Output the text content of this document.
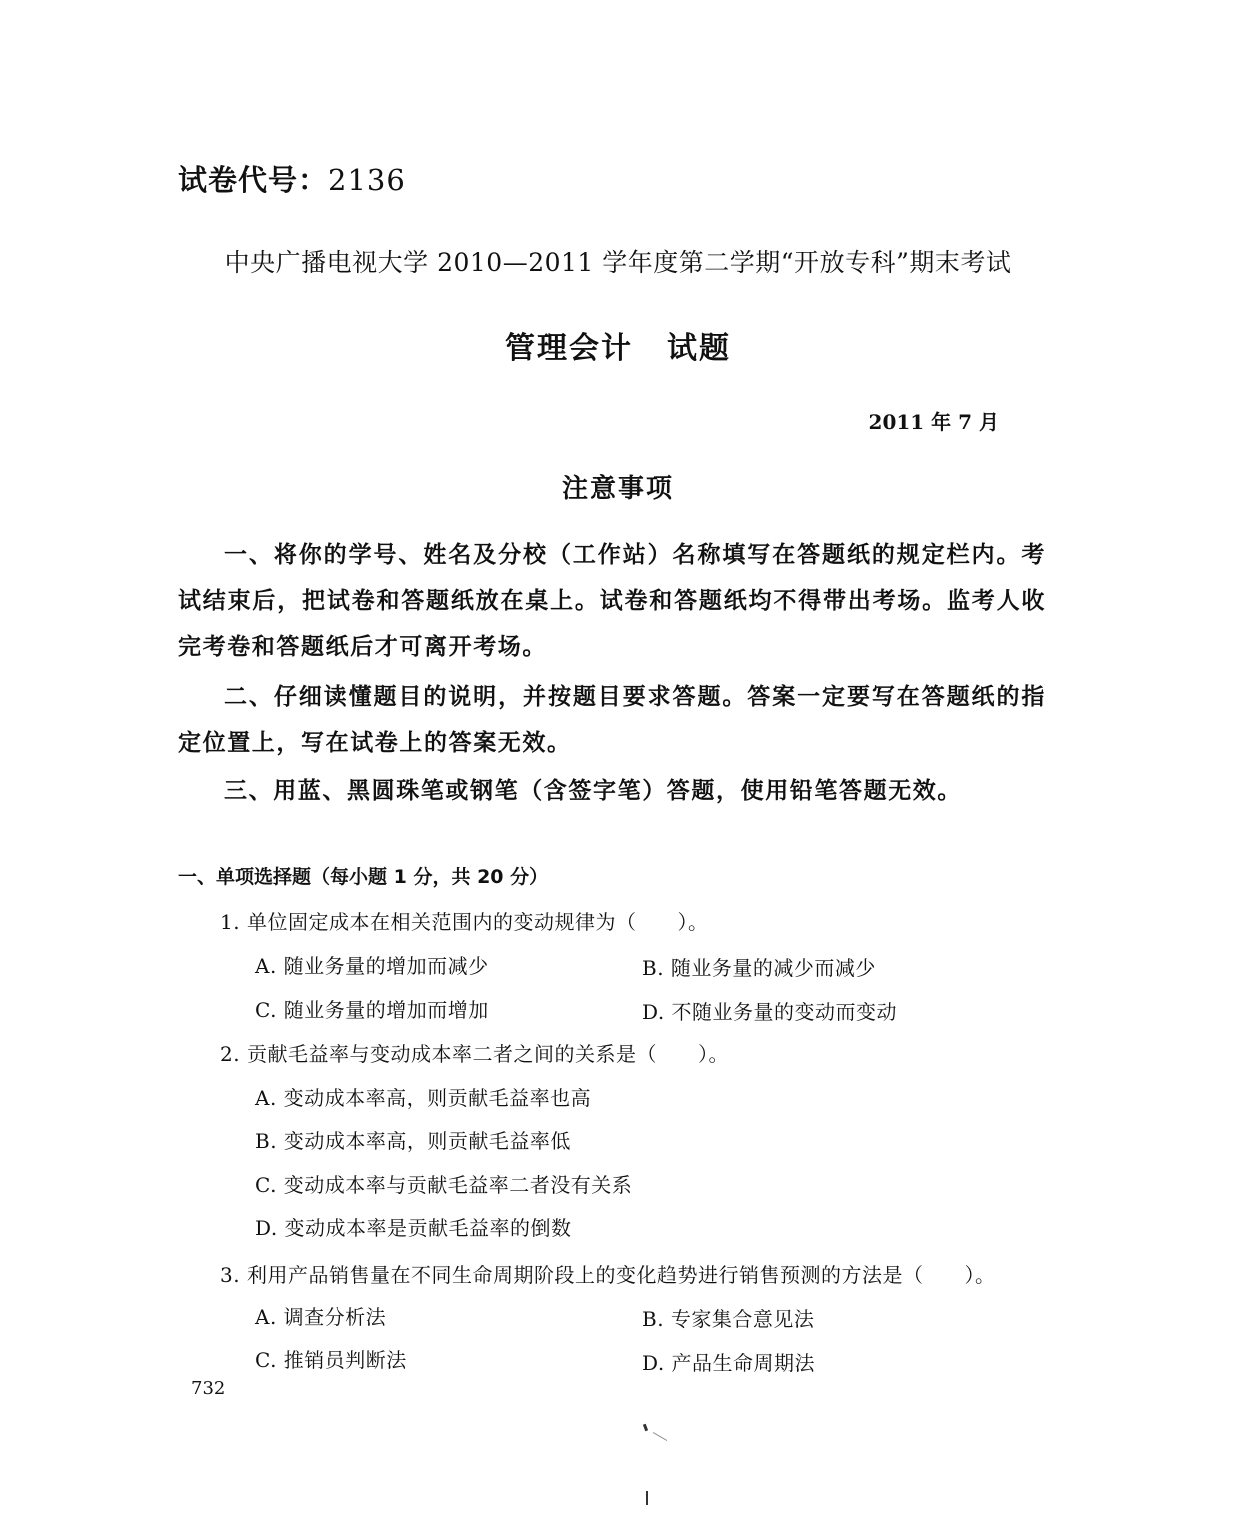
试卷代号：2136
中央广播电视大学 2010—2011 学年度第二学期“开放专科”期末考试
管理会计 试题
2011 年 7 月
注意事项
一、将你的学号、姓名及分校（工作站）名称填写在答题纸的规定栏内。考试结束后，把试卷和答题纸放在桌上。试卷和答题纸均不得带出考场。监考人收完考卷和答题纸后才可离开考场。
二、仔细读懂题目的说明，并按题目要求答题。答案一定要写在答题纸的指定位置上，写在试卷上的答案无效。
三、用蓝、黑圆珠笔或钢笔（含签字笔）答题，使用铅笔答题无效。
一、单项选择题（每小题 1 分，共 20 分）
1. 单位固定成本在相关范围内的变动规律为（　　）。
A. 随业务量的增加而减少	B. 随业务量的减少而减少
C. 随业务量的增加而增加	D. 不随业务量的变动而变动
2. 贡献毛益率与变动成本率二者之间的关系是（　　）。
A. 变动成本率高，则贡献毛益率也高
B. 变动成本率高，则贡献毛益率低
C. 变动成本率与贡献毛益率二者没有关系
D. 变动成本率是贡献毛益率的倒数
3. 利用产品销售量在不同生命周期阶段上的变化趋势进行销售预测的方法是（　　）。
A. 调查分析法	B. 专家集合意见法
C. 推销员判断法	D. 产品生命周期法
732
